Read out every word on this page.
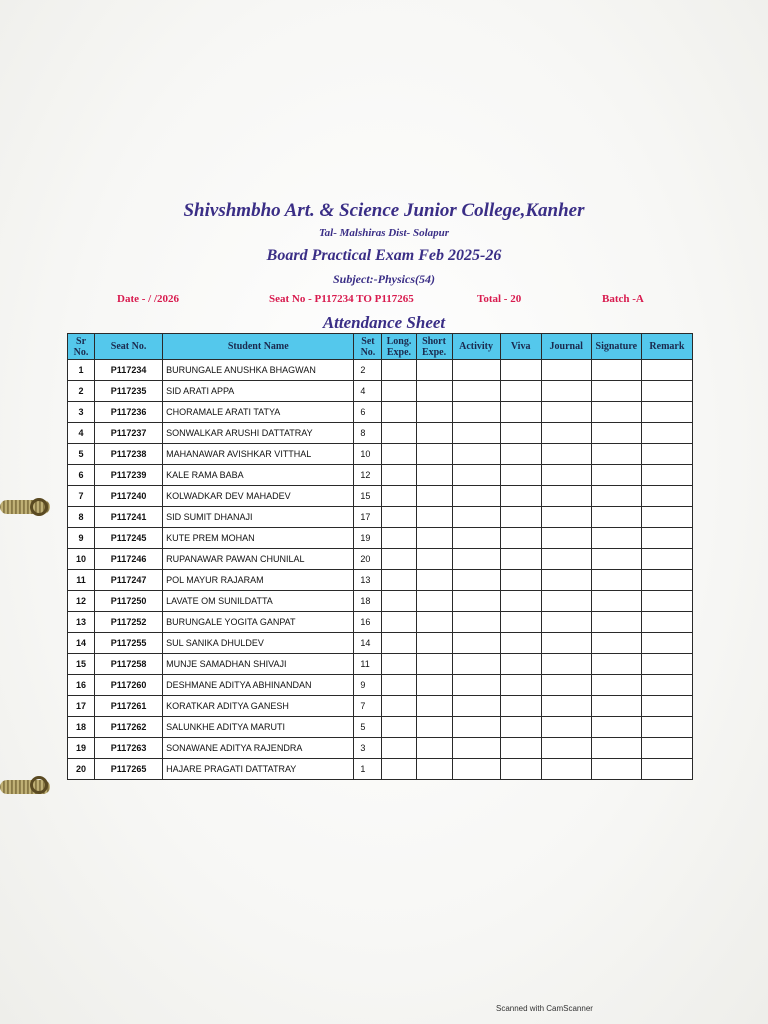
Shivshmbho Art. & Science Junior College,Kanher
Tal- Malshiras Dist- Solapur
Board Practical Exam Feb 2025-26
Subject:-Physics(54)
Date - / /2026	Seat No - P117234 TO P117265	Total - 20	Batch -A
Attendance Sheet
Sr No.	Seat No.	Student Name	Set No.	Long. Expe.	Short Expe.	Activity	Viva	Journal	Signature	Remark
1	P117234	BURUNGALE ANUSHKA BHAGWAN	2							
2	P117235	SID ARATI APPA	4							
3	P117236	CHORAMALE ARATI TATYA	6							
4	P117237	SONWALKAR ARUSHI DATTATRAY	8							
5	P117238	MAHANAWAR AVISHKAR VITTHAL	10							
6	P117239	KALE RAMA BABA	12							
7	P117240	KOLWADKAR DEV MAHADEV	15							
8	P117241	SID SUMIT DHANAJI	17							
9	P117245	KUTE PREM MOHAN	19							
10	P117246	RUPANAWAR PAWAN CHUNILAL	20							
11	P117247	POL MAYUR RAJARAM	13							
12	P117250	LAVATE OM SUNILDATTA	18							
13	P117252	BURUNGALE YOGITA GANPAT	16							
14	P117255	SUL SANIKA DHULDEV	14							
15	P117258	MUNJE SAMADHAN SHIVAJI	11							
16	P117260	DESHMANE ADITYA ABHINANDAN	9							
17	P117261	KORATKAR ADITYA GANESH	7							
18	P117262	SALUNKHE ADITYA MARUTI	5							
19	P117263	SONAWANE ADITYA RAJENDRA	3							
20	P117265	HAJARE PRAGATI DATTATRAY	1							
Scanned with CamScanner
